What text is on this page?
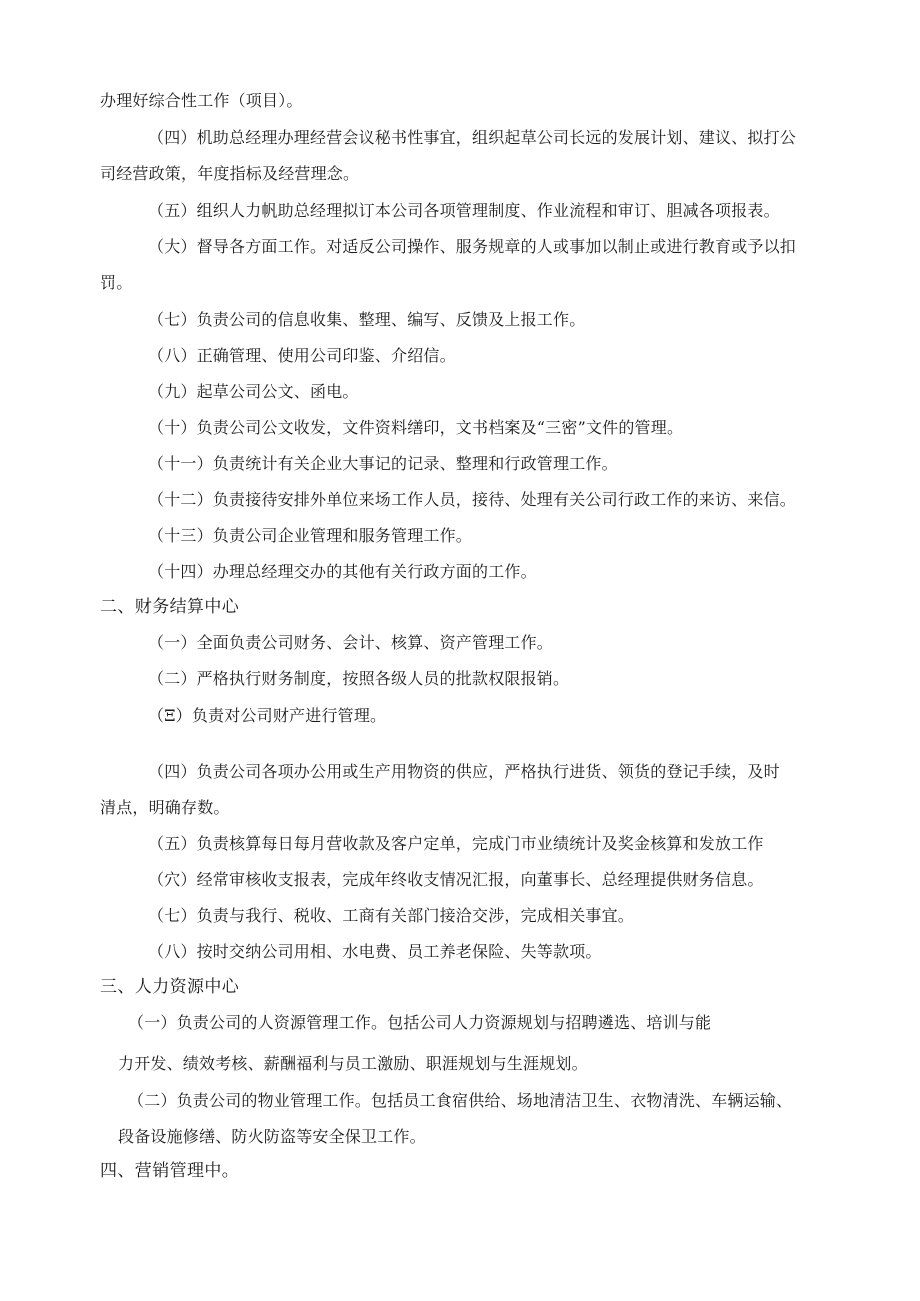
办理好综合性工作（项目）。

（四）机助总经理办理经营会议秘书性事宜，组织起草公司长远的发展计划、建议、拟打公

司经营政策，年度指标及经营理念。

（五）组织人力帆助总经理拟订本公司各项管理制度、作业流程和审订、胆减各项报表。

（大）督导各方面工作。对适反公司操作、服务规章的人或事加以制止或进行教育或予以扣

罚。

（七）负责公司的信息收集、整理、编写、反馈及上报工作。

（八）正确管理、使用公司印鉴、介绍信。

（九）起草公司公文、函电。

（十）负责公司公文收发，文件资料缮印，文书档案及“三密”文件的管理。

（十一）负责统计有关企业大事记的记录、整理和行政管理工作。

（十二）负责接待安排外单位来场工作人员，接待、处理有关公司行政工作的来访、来信。

（十三）负责公司企业管理和服务管理工作。

（十四）办理总经理交办的其他有关行政方面的工作。

二、财务结算中心

（一）全面负责公司财务、会计、核算、资产管理工作。

（二）严格执行财务制度，按照各级人员的批款权限报销。

（Ξ）负责对公司财产进行管理。

（四）负责公司各项办公用或生产用物资的供应，严格执行进货、领货的登记手续，及时

清点，明确存数。

（五）负责核算每日每月营收款及客户定单，完成门市业绩统计及奖金核算和发放工作

（穴）经常审核收支报表，完成年终收支情况汇报，向董事长、总经理提供财务信息。

（七）负责与我行、税收、工商有关部门接洽交涉，完成相关事宜。

（八）按时交纳公司用相、水电费、员工养老保险、失等款项。

三、人力资源中心

（一）负责公司的人资源管理工作。包括公司人力资源规划与招聘遴选、培训与能

力开发、绩效考核、薪酬福利与员工激励、职涯规划与生涯规划。

（二）负责公司的物业管理工作。包括员工食宿供给、场地清洁卫生、衣物清洗、车辆运输、

段备设施修缮、防火防盗等安全保卫工作。

四、营销管理中。
